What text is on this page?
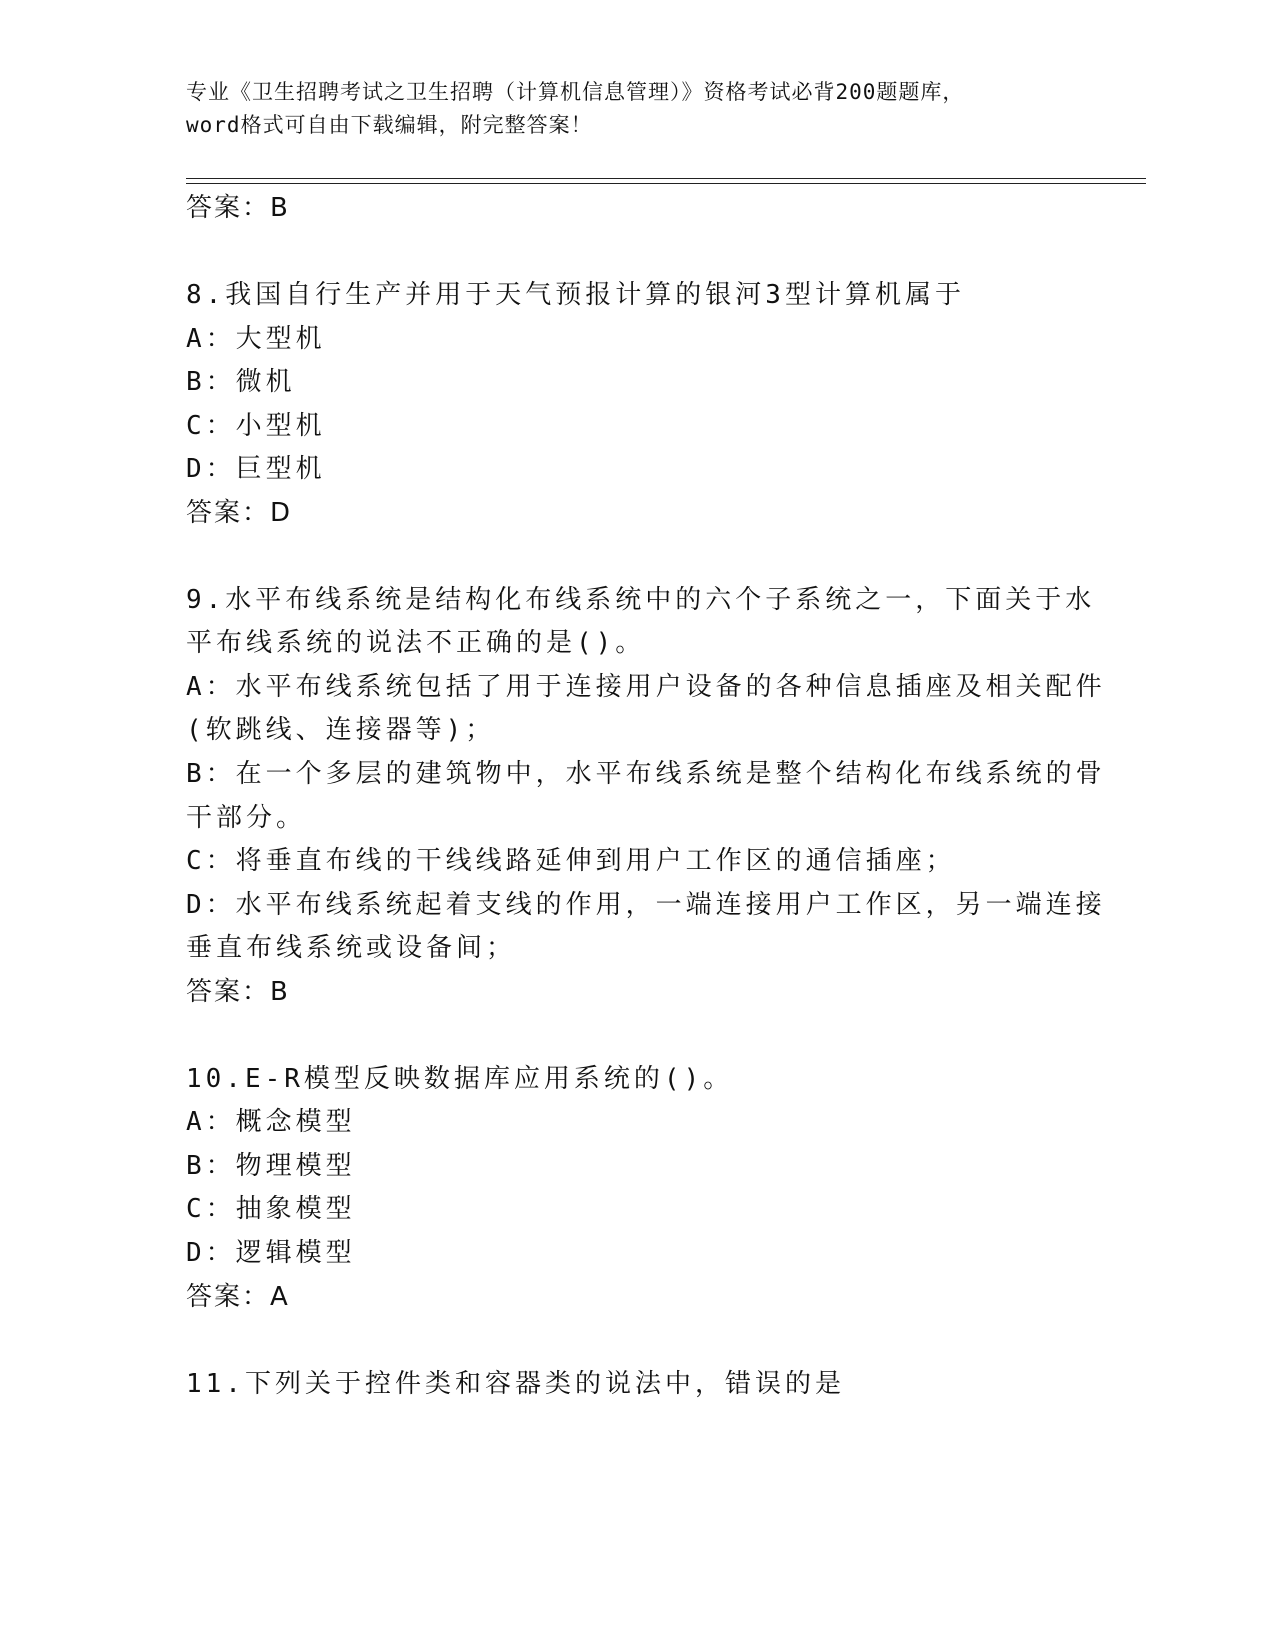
专业《卫生招聘考试之卫生招聘（计算机信息管理）》资格考试必背200题题库，
word格式可自由下载编辑，附完整答案！
答案：B
8.我国自行生产并用于天气预报计算的银河3型计算机属于
A：大型机
B：微机
C：小型机
D：巨型机
答案：D
9.水平布线系统是结构化布线系统中的六个子系统之一，下面关于水
平布线系统的说法不正确的是()。
A：水平布线系统包括了用于连接用户设备的各种信息插座及相关配件
(软跳线、连接器等)；
B：在一个多层的建筑物中，水平布线系统是整个结构化布线系统的骨
干部分。
C：将垂直布线的干线线路延伸到用户工作区的通信插座；
D：水平布线系统起着支线的作用，一端连接用户工作区，另一端连接
垂直布线系统或设备间；
答案：B
10.E-R模型反映数据库应用系统的()。
A：概念模型
B：物理模型
C：抽象模型
D：逻辑模型
答案：A
11.下列关于控件类和容器类的说法中，错误的是
